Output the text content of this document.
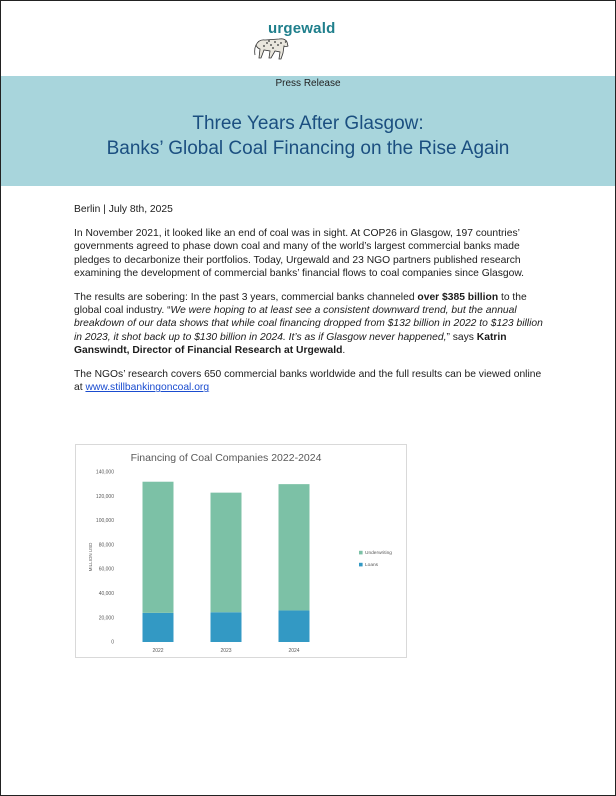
urgewald
Press Release
Three Years After Glasgow:
Banks’ Global Coal Financing on the Rise Again

Berlin | July 8th, 2025

In November 2021, it looked like an end of coal was in sight. At COP26 in Glasgow, 197 countries’ governments agreed to phase down coal and many of the world’s largest commercial banks made pledges to decarbonize their portfolios. Today, Urgewald and 23 NGO partners published research examining the development of commercial banks’ financial flows to coal companies since Glasgow.

The results are sobering: In the past 3 years, commercial banks channeled over $385 billion to the global coal industry. “We were hoping to at least see a consistent downward trend, but the annual breakdown of our data shows that while coal financing dropped from $132 billion in 2022 to $123 billion in 2023, it shot back up to $130 billion in 2024. It’s as if Glasgow never happened,” says Katrin Ganswindt, Director of Financial Research at Urgewald.

The NGOs’ research covers 650 commercial banks worldwide and the full results can be viewed online at www.stillbankingoncoal.org

Financing of Coal Companies 2022-2024
MILLION USD
0
20,000
40,000
60,000
80,000
100,000
120,000
140,000
2022	2023	2024
Underwriting
Loans
